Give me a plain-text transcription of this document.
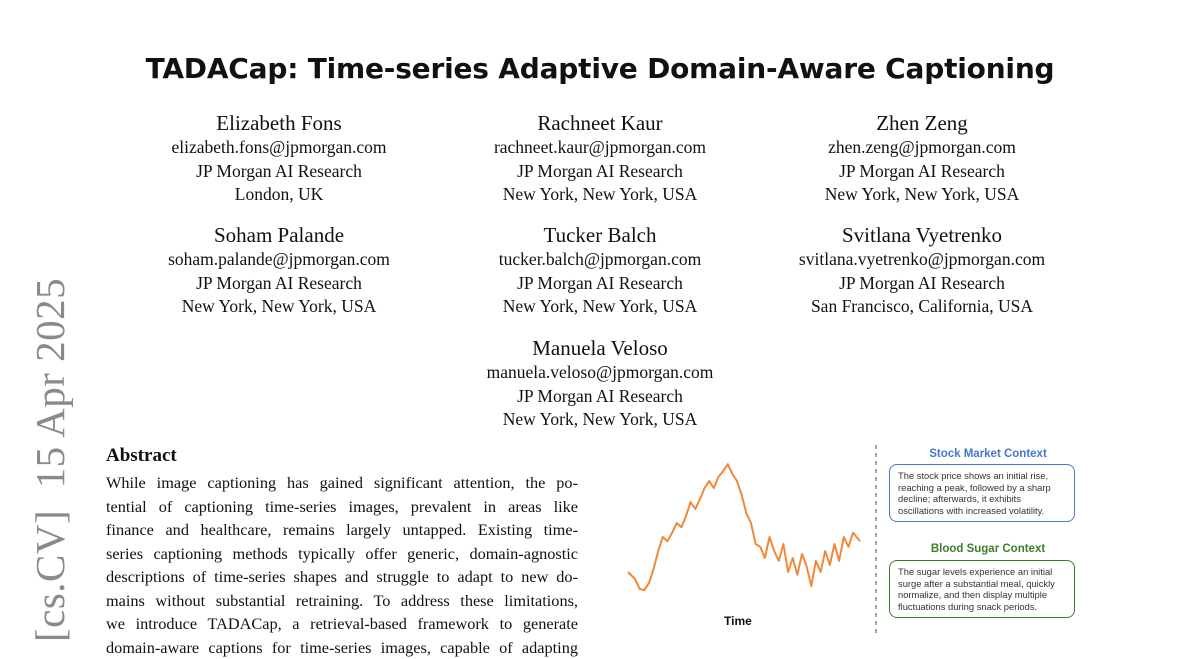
TADACap: Time-series Adaptive Domain-Aware Captioning
[cs.CV]  15 Apr 2025
Elizabeth Fons
elizabeth.fons@jpmorgan.com
JP Morgan AI Research
London, UK
Rachneet Kaur
rachneet.kaur@jpmorgan.com
JP Morgan AI Research
New York, New York, USA
Zhen Zeng
zhen.zeng@jpmorgan.com
JP Morgan AI Research
New York, New York, USA
Soham Palande
soham.palande@jpmorgan.com
JP Morgan AI Research
New York, New York, USA
Tucker Balch
tucker.balch@jpmorgan.com
JP Morgan AI Research
New York, New York, USA
Svitlana Vyetrenko
svitlana.vyetrenko@jpmorgan.com
JP Morgan AI Research
San Francisco, California, USA
Manuela Veloso
manuela.veloso@jpmorgan.com
JP Morgan AI Research
New York, New York, USA
Abstract
While image captioning has gained significant attention, the po-
tential of captioning time-series images, prevalent in areas like
finance and healthcare, remains largely untapped. Existing time-
series captioning methods typically offer generic, domain-agnostic
descriptions of time-series shapes and struggle to adapt to new do-
mains without substantial retraining. To address these limitations,
we introduce TADACap, a retrieval-based framework to generate
domain-aware captions for time-series images, capable of adapting
Time
Stock Market Context
The stock price shows an initial rise, reaching a peak, followed by a sharp decline; afterwards, it exhibits oscillations with increased volatility.
Blood Sugar Context
The sugar levels experience an initial surge after a substantial meal, quickly normalize, and then display multiple fluctuations during snack periods.
